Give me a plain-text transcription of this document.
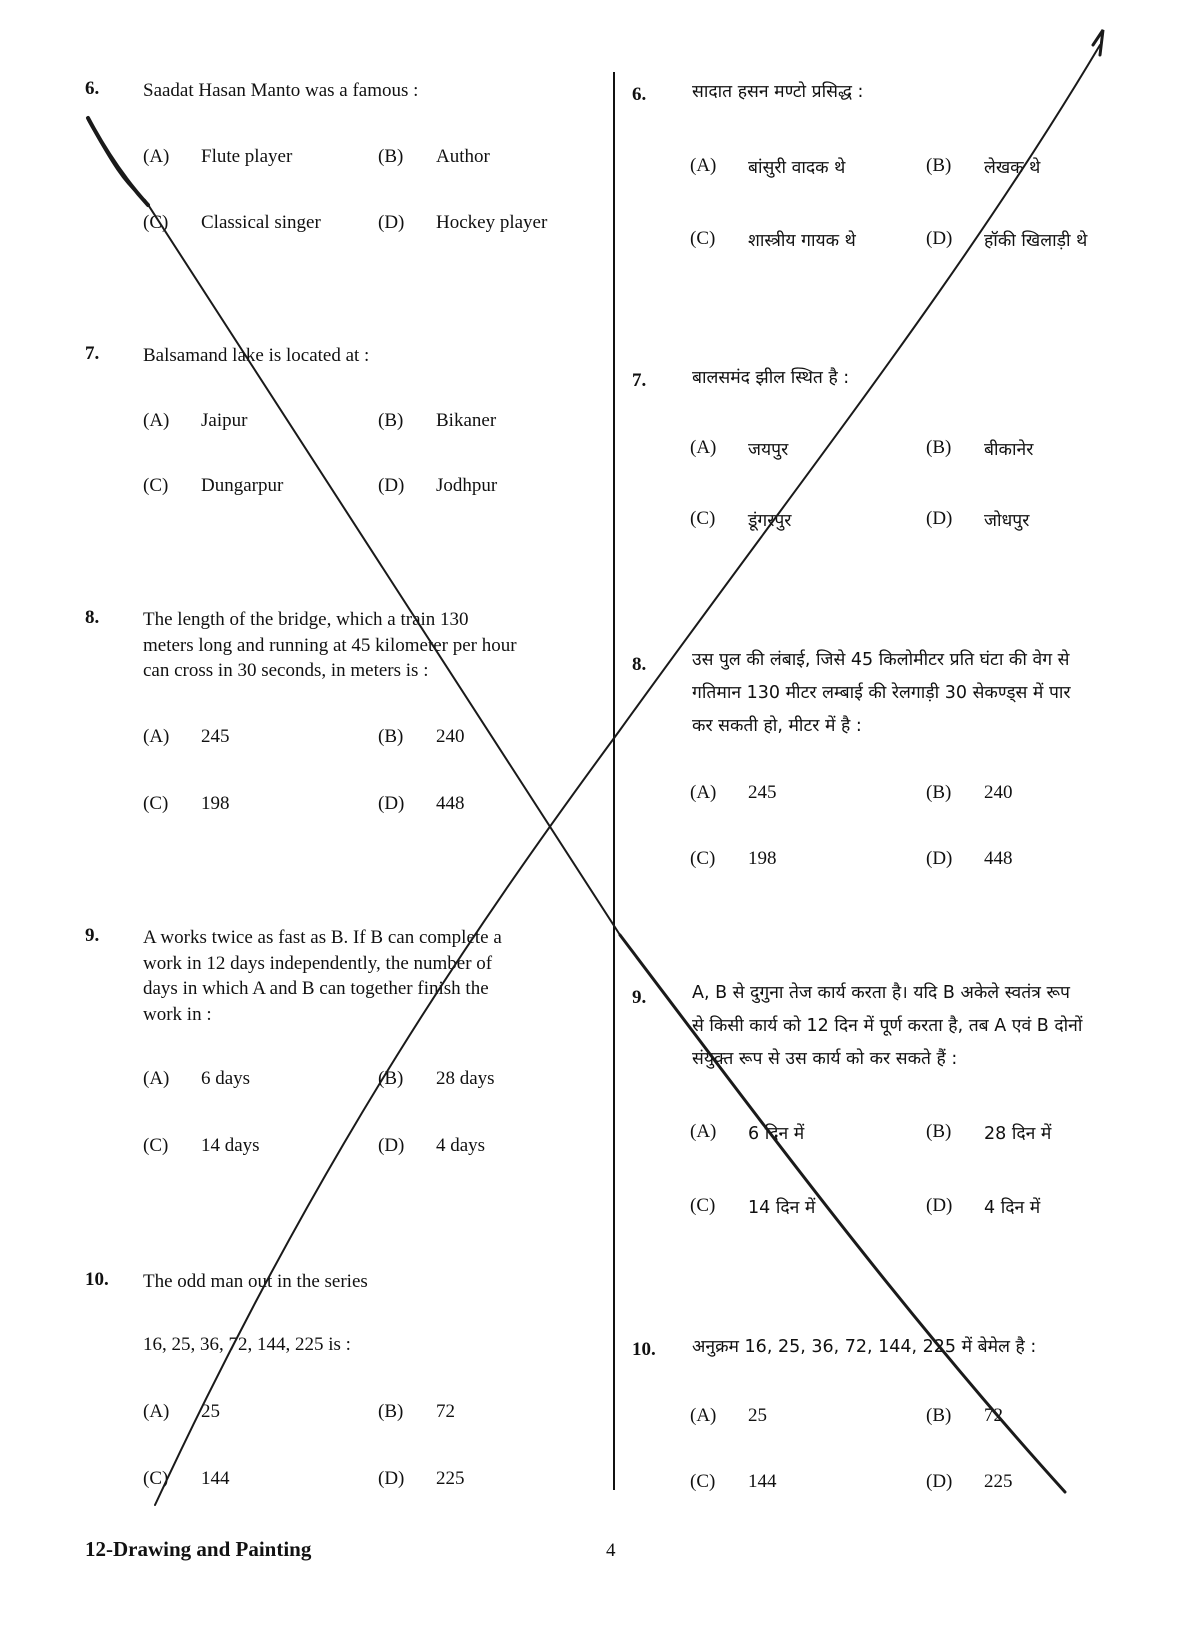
6. Saadat Hasan Manto was a famous :
(A) Flute player	(B) Author
(C) Classical singer	(D) Hockey player
7. Balsamand lake is located at :
(A) Jaipur	(B) Bikaner
(C) Dungarpur	(D) Jodhpur
8. The length of the bridge, which a train 130
meters long and running at 45 kilometer per hour
can cross in 30 seconds, in meters is :
(A) 245	(B) 240
(C) 198	(D) 448
9. A works twice as fast as B. If B can complete a
work in 12 days independently, the number of
days in which A and B can together finish the
work in :
(A) 6 days	(B) 28 days
(C) 14 days	(D) 4 days
10. The odd man out in the series
16, 25, 36, 72, 144, 225 is :
(A) 25	(B) 72
(C) 144	(D) 225
6.	सादात हसन मण्टो प्रसिद्ध :
(A) बांसुरी वादक थे	(B) लेखक थे
(C) शास्त्रीय गायक थे	(D) हॉकी खिलाड़ी थे
7.	बालसमंद झील स्थित है :
(A) जयपुर	(B) बीकानेर
(C) डूंगरपुर	(D) जोधपुर
8.	उस पुल की लंबाई, जिसे 45 किलोमीटर प्रति घंटा की वेग से
गतिमान 130 मीटर लम्बाई की रेलगाड़ी 30 सेकण्ड्स में पार
कर सकती हो, मीटर में है :
(A) 245	(B) 240
(C) 198	(D) 448
9.	A, B से दुगुना तेज कार्य करता है। यदि B अकेले स्वतंत्र रूप
से किसी कार्य को 12 दिन में पूर्ण करता है, तब A एवं B दोनों
संयुक्त रूप से उस कार्य को कर सकते हैं :
(A) 6 दिन में	(B) 28 दिन में
(C) 14 दिन में	(D) 4 दिन में
10. अनुक्रम 16, 25, 36, 72, 144, 225 में बेमेल है :
(A) 25	(B) 72
(C) 144	(D) 225
12-Drawing and Painting	4
